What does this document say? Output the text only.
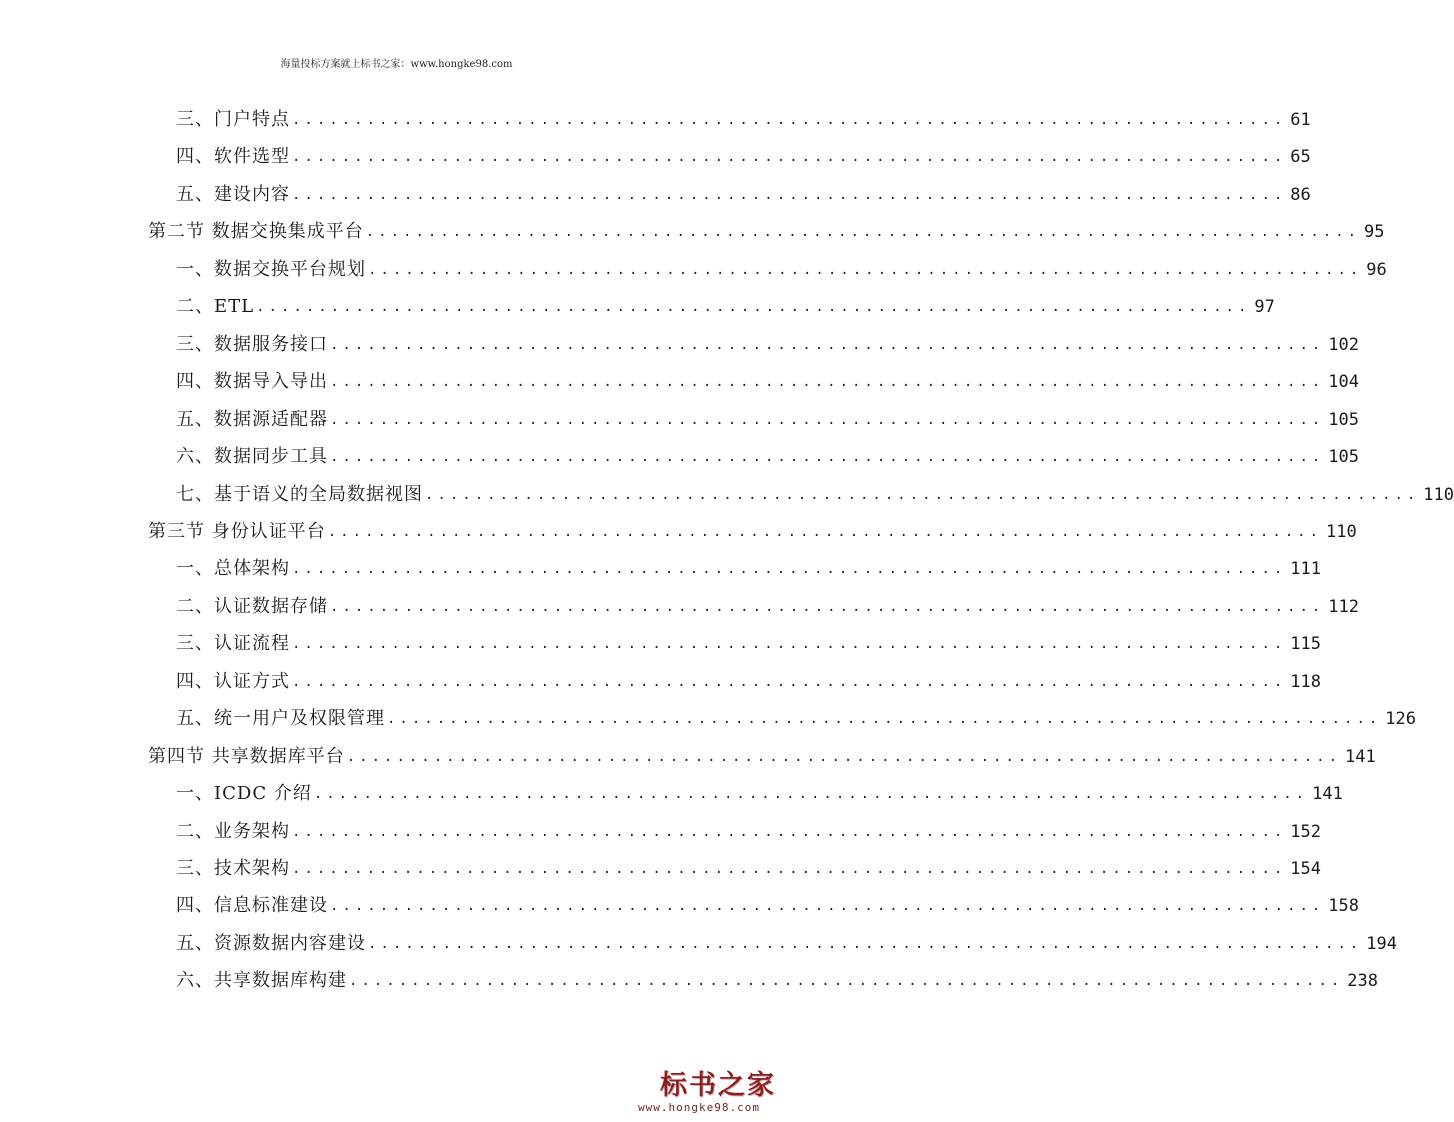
海量投标方案就上标书之家：www.hongke98.com
三、门户特点 ................................................................................ 61
四、软件选型 ................................................................................ 65
五、建设内容 ................................................................................ 86
第二节 数据交换集成平台 ................................................................................ 95
一、数据交换平台规划 ................................................................................ 96
二、ETL ................................................................................ 97
三、数据服务接口 ................................................................................ 102
四、数据导入导出 ................................................................................ 104
五、数据源适配器 ................................................................................ 105
六、数据同步工具 ................................................................................ 105
七、基于语义的全局数据视图 ................................................................................ 110
第三节 身份认证平台 ................................................................................ 110
一、总体架构 ................................................................................ 111
二、认证数据存储 ................................................................................ 112
三、认证流程 ................................................................................ 115
四、认证方式 ................................................................................ 118
五、统一用户及权限管理 ................................................................................ 126
第四节 共享数据库平台 ................................................................................ 141
一、ICDC 介绍 ................................................................................ 141
二、业务架构 ................................................................................ 152
三、技术架构 ................................................................................ 154
四、信息标准建设 ................................................................................ 158
五、资源数据内容建设 ................................................................................ 194
六、共享数据库构建 ................................................................................ 238
标书之家
www.hongke98.com
